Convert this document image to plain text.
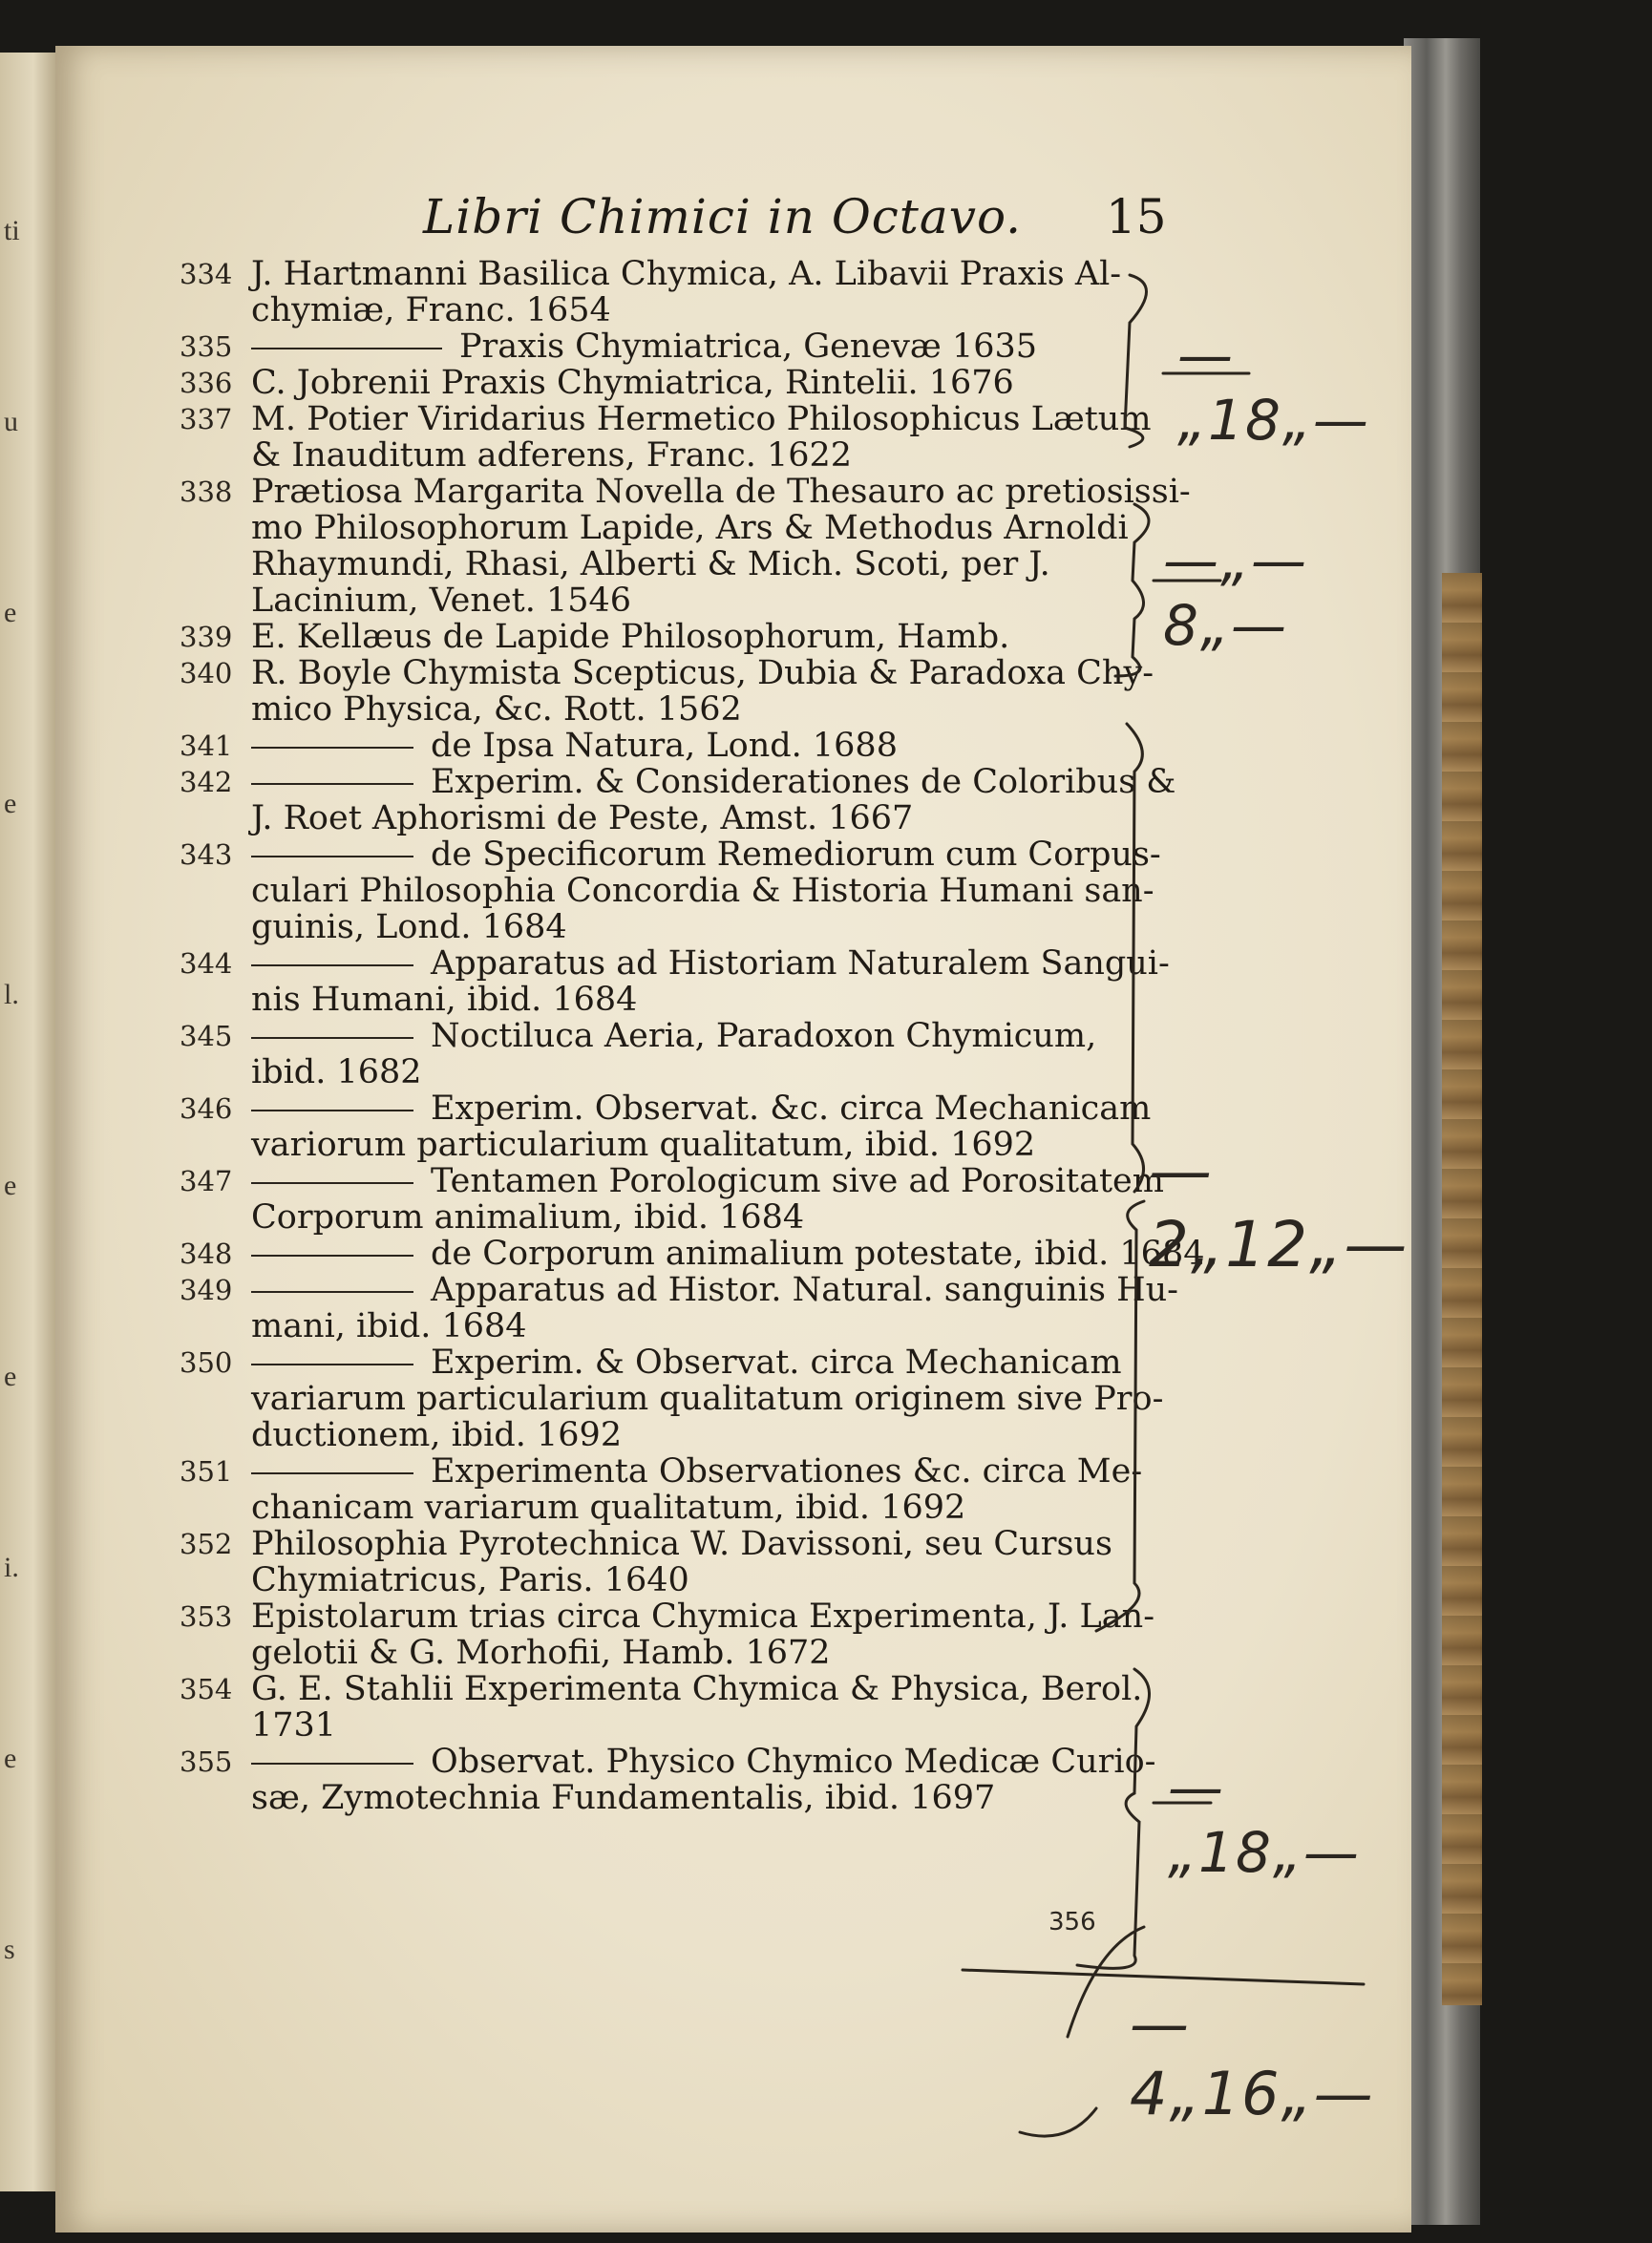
ti
u
e
e
l.
e
e
i.
e
s
Libri Chimici in Octavo. 15
334 J. Hartmanni Basilica Chymica, A. Libavii Praxis Al-
chymiæ, Franc. 1654
335	Praxis Chymiatrica, Genevæ 1635
336 C. Jobrenii Praxis Chymiatrica, Rintelii. 1676
337 M. Potier Viridarius Hermetico Philosophicus Lætum
& Inauditum adferens, Franc. 1622
338 Prætiosa Margarita Novella de Thesauro ac pretiosissi-
mo Philosophorum Lapide, Ars & Methodus Arnoldi
Rhaymundi, Rhasi, Alberti & Mich. Scoti, per J.
Lacinium, Venet. 1546
339 E. Kellæus de Lapide Philosophorum, Hamb.
340 R. Boyle Chymista Scepticus, Dubia & Paradoxa Chy-
mico Physica, &c. Rott. 1562
341	de Ipsa Natura, Lond. 1688
342	Experim. & Considerationes de Coloribus &
J. Roet Aphorismi de Peste, Amst. 1667
343	de Specificorum Remediorum cum Corpus-
culari Philosophia Concordia & Historia Humani san-
guinis, Lond. 1684
344	Apparatus ad Historiam Naturalem Sangui-
nis Humani, ibid. 1684
345	Noctiluca Aeria, Paradoxon Chymicum,
ibid. 1682
346	Experim. Observat. &c. circa Mechanicam
variorum particularium qualitatum, ibid. 1692
347	Tentamen Porologicum sive ad Porositatem
Corporum animalium, ibid. 1684
348	de Corporum animalium potestate, ibid. 1684
349	Apparatus ad Histor. Natural. sanguinis Hu-
mani, ibid. 1684
350	Experim. & Observat. circa Mechanicam
variarum particularium qualitatum originem sive Pro-
ductionem, ibid. 1692
351	Experimenta Observationes &c. circa Me-
chanicam variarum qualitatum, ibid. 1692
352 Philosophia Pyrotechnica W. Davissoni, seu Cursus
Chymiatricus, Paris. 1640
353 Epistolarum trias circa Chymica Experimenta, J. Lan-
gelotii & G. Morhofii, Hamb. 1672
354 G. E. Stahlii Experimenta Chymica & Physica, Berol.
1731
355	Observat. Physico Chymico Medicæ Curio-
sæ, Zymotechnia Fundamentalis, ibid. 1697
—„18„—
—„—8„—
—2„12„—
—„18„—
356
—4„16„—
